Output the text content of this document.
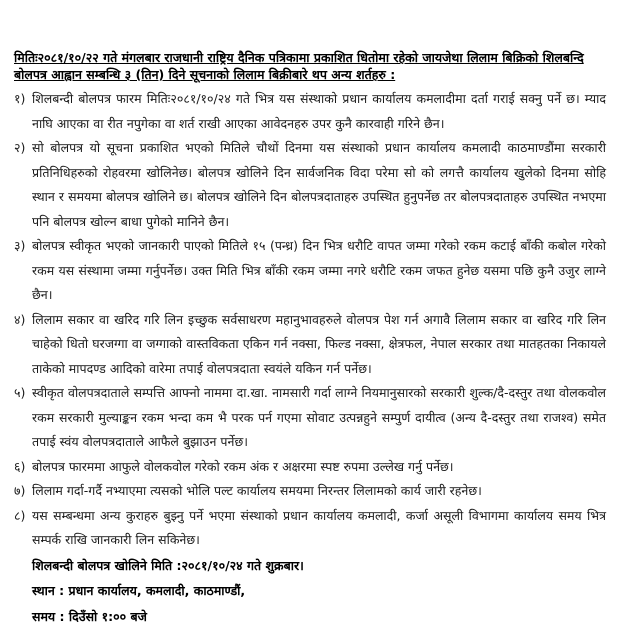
मितिः२०८१/१०/२२ गते मंगलबार राजधानी राष्ट्रिय दैनिक पत्रिकामा प्रकाशित धितोमा रहेको जायजेथा लिलाम बिक्रिको शिलबन्दि बोलपत्र आह्वान सम्बन्धि ३ (तिन) दिने सूचनाको लिलाम बिक्रीबारे थप अन्य शर्तहरु :
१) शिलबन्दी बोलपत्र फारम मितिः२०८१/१०/२४ गते भित्र यस संस्थाको प्रधान कार्यालय कमलादीमा दर्ता गराई सक्नु पर्ने छ। म्याद नाघि आएका वा रीत नपुगेका वा शर्त राखी आएका आवेदनहरु उपर कुनै कारवाही गरिने छैन।
२) सो बोलपत्र यो सूचना प्रकाशित भएको मितिले चौथों दिनमा यस संस्थाको प्रधान कार्यालय कमलादी काठमाण्डौंमा सरकारी प्रतिनिधिहरुको रोहवरमा खोलिनेछ। बोलपत्र खोलिने दिन सार्वजनिक विदा परेमा सो को लगत्तै कार्यालय खुलेको दिनमा सोहि स्थान र समयमा बोलपत्र खोलिने छ। बोलपत्र खोलिने दिन बोलपत्रदाताहरु उपस्थित हुनुपर्नेछ तर बोलपत्रदाताहरु उपस्थित नभएमा पनि बोलपत्र खोल्न बाधा पुगेको मानिने छैन।
३) बोलपत्र स्वीकृत भएको जानकारी पाएको मितिले १५ (पन्ध्र) दिन भित्र धरौटि वापत जम्मा गरेको रकम कटाई बाँकी कबोल गरेको रकम यस संस्थामा जम्मा गर्नुपर्नेछ। उक्त मिति भित्र बाँकी रकम जम्मा नगरे धरौटि रकम जफत हुनेछ यसमा पछि कुनै उजुर लाग्ने छैन।
४) लिलाम सकार वा खरिद गरि लिन इच्छुक सर्वसाधरण महानुभावहरुले वोलपत्र पेश गर्न अगावै लिलाम सकार वा खरिद गरि लिन चाहेको धितो घरजग्गा वा जग्गाको वास्तविकता एकिन गर्न नक्सा, फिल्ड नक्सा, क्षेत्रफल, नेपाल सरकार तथा मातहतका निकायले ताकेको मापदण्ड आदिको वारेमा तपाई वोलपत्रदाता स्वयंले यकिन गर्न पर्नेछ।
५) स्वीकृत वोलपत्रदाताले सम्पत्ति आफ्नो नाममा दा.खा. नामसारी गर्दा लाग्ने नियमानुसारको सरकारी शुल्क/दै-दस्तुर तथा वोलकवोल रकम सरकारी मुल्याङ्कन रकम भन्दा कम भै परक पर्न गएमा सोवाट उत्पन्नहुने सम्पुर्ण दायीत्व (अन्य दै-दस्तुर तथा राजश्व) समेत तपाई स्वंय वोलपत्रदाताले आफैले बुझाउन पर्नेछ।
६) बोलपत्र फारममा आफुले वोलकवोल गरेको रकम अंक र अक्षरमा स्पष्ट रुपमा उल्लेख गर्नु पर्नेछ।
७) लिलाम गर्दा-गर्दै नभ्याएमा त्यसको भोलि पल्ट कार्यालय समयमा निरन्तर लिलामको कार्य जारी रहनेछ।
८) यस सम्बन्धमा अन्य कुराहरु बुझ्नु पर्ने भएमा संस्थाको प्रधान कार्यालय कमलादी, कर्जा असूली विभागमा कार्यालय समय भित्र सम्पर्क राखि जानकारी लिन सकिनेछ।
शिलबन्दी बोलपत्र खोलिने मिति :२०८१/१०/२४ गते शुक्रबार।
स्थान : प्रधान कार्यालय, कमलादी, काठमाण्डौं,
समय : दिउँसो १:०० बजे
